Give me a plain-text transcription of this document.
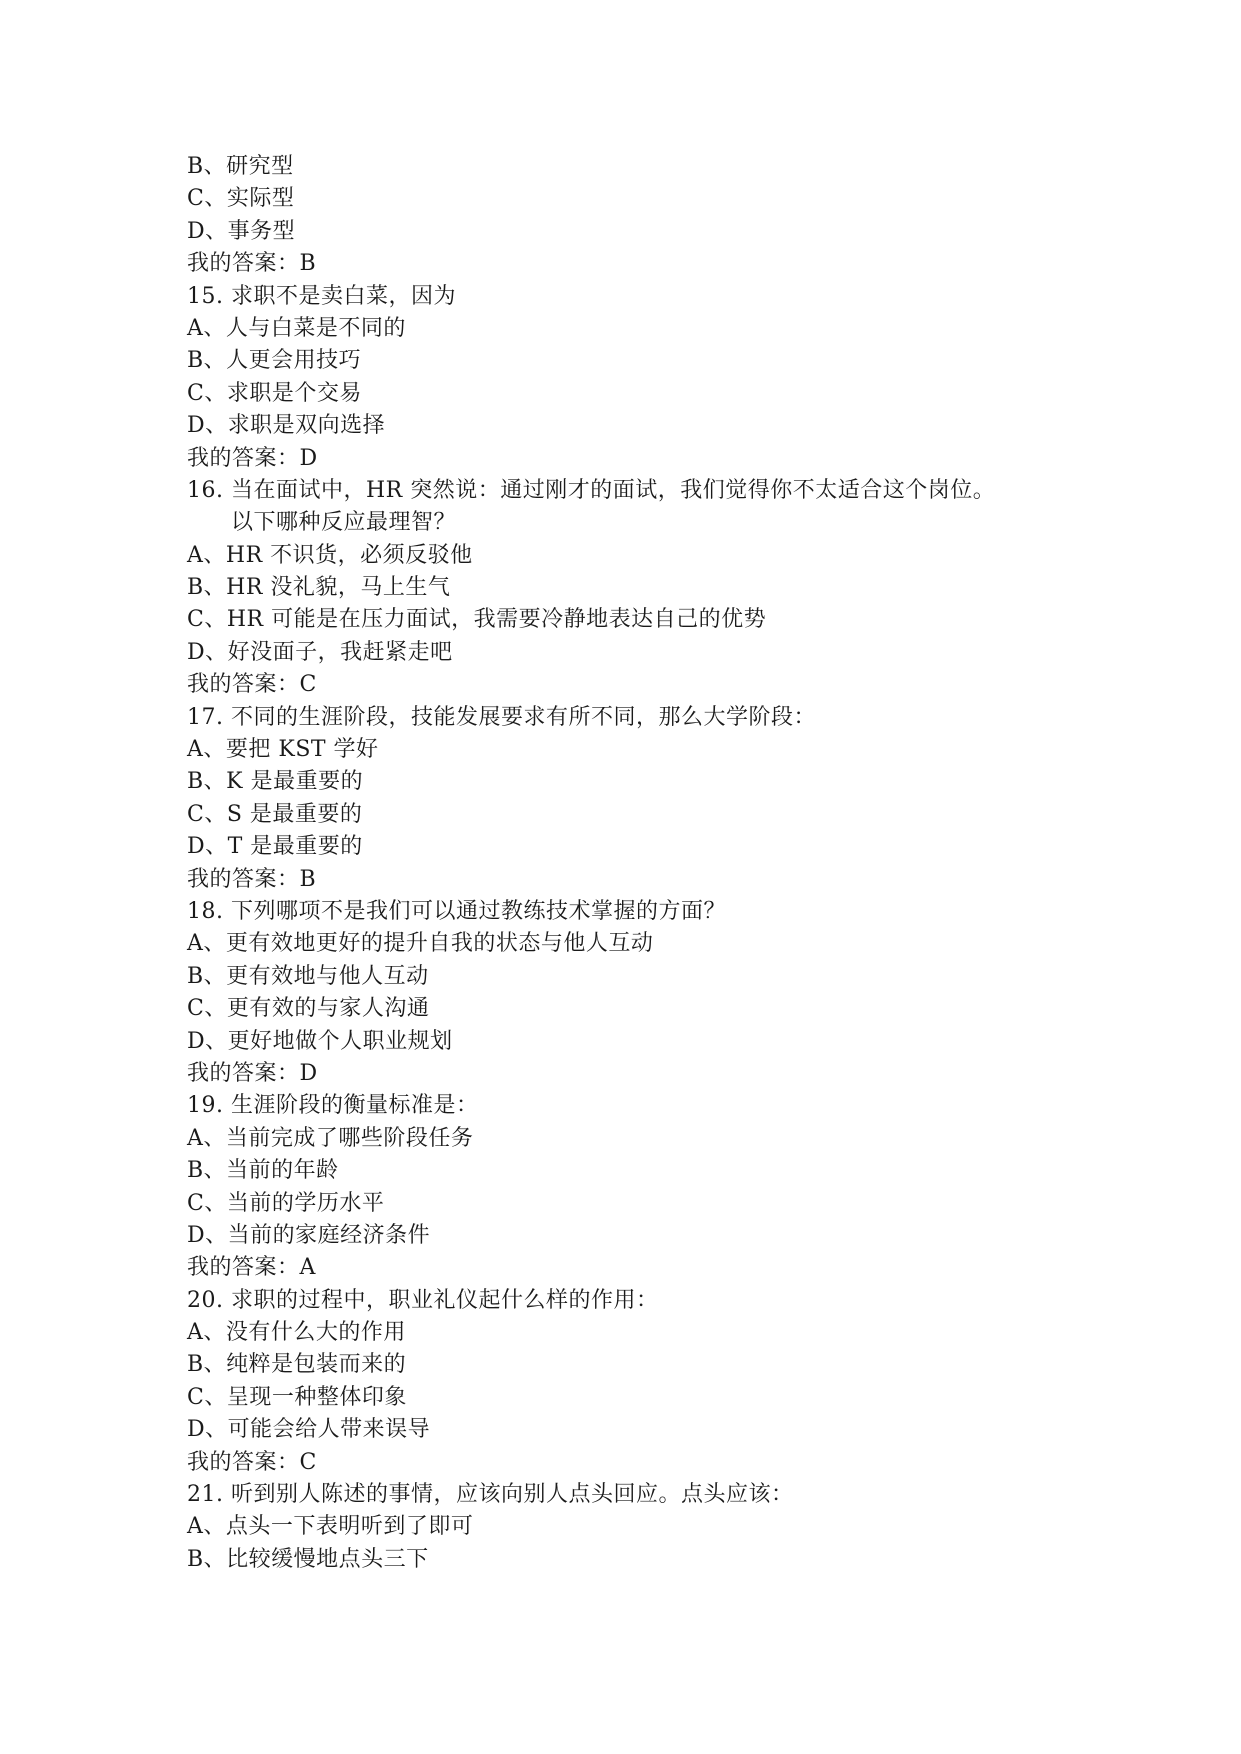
B、研究型
C、实际型
D、事务型
我的答案：B
15. 求职不是卖白菜，因为
A、人与白菜是不同的
B、人更会用技巧
C、求职是个交易
D、求职是双向选择
我的答案：D
16. 当在面试中，HR 突然说：通过刚才的面试，我们觉得你不太适合这个岗位。
以下哪种反应最理智？
A、HR 不识货，必须反驳他
B、HR 没礼貌，马上生气
C、HR 可能是在压力面试，我需要冷静地表达自己的优势
D、好没面子，我赶紧走吧
我的答案：C
17. 不同的生涯阶段，技能发展要求有所不同，那么大学阶段：
A、要把 KST 学好
B、K 是最重要的
C、S 是最重要的
D、T 是最重要的
我的答案：B
18. 下列哪项不是我们可以通过教练技术掌握的方面？
A、更有效地更好的提升自我的状态与他人互动
B、更有效地与他人互动
C、更有效的与家人沟通
D、更好地做个人职业规划
我的答案：D
19. 生涯阶段的衡量标准是：
A、当前完成了哪些阶段任务
B、当前的年龄
C、当前的学历水平
D、当前的家庭经济条件
我的答案：A
20. 求职的过程中，职业礼仪起什么样的作用：
A、没有什么大的作用
B、纯粹是包装而来的
C、呈现一种整体印象
D、可能会给人带来误导
我的答案：C
21. 听到别人陈述的事情，应该向别人点头回应。点头应该：
A、点头一下表明听到了即可
B、比较缓慢地点头三下
